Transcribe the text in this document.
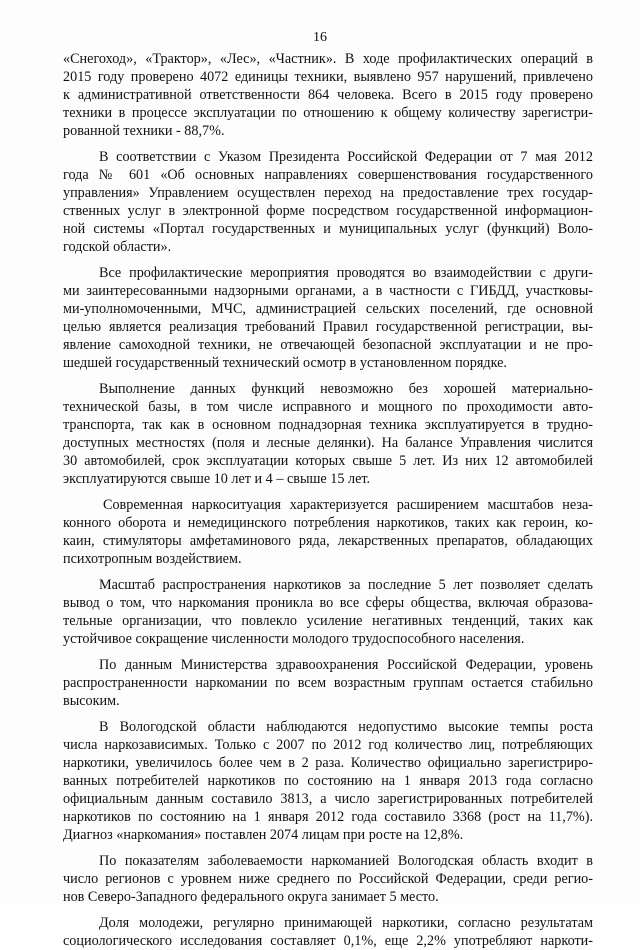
16
«Снегоход», «Трактор», «Лес», «Частник». В ходе профилактических операций в
2015 году проверено 4072 единицы техники, выявлено 957 нарушений, привлечено
к административной ответственности 864 человека. Всего в 2015 году проверено
техники в процессе эксплуатации по отношению к общему количеству зарегистри-
рованной техники - 88,7%.
В соответствии с Указом Президента Российской Федерации от 7 мая 2012
года № 601 «Об основных направлениях совершенствования государственного
управления» Управлением осуществлен переход на предоставление трех государ-
ственных услуг в электронной форме посредством государственной информацион-
ной системы «Портал государственных и муниципальных услуг (функций) Воло-
годской области».
Все профилактические мероприятия проводятся во взаимодействии с други-
ми заинтересованными надзорными органами, а в частности с ГИБДД, участковы-
ми-уполномоченными, МЧС, администрацией сельских поселений, где основной
целью является реализация требований Правил государственной регистрации, вы-
явление самоходной техники, не отвечающей безопасной эксплуатации и не про-
шедшей государственный технический осмотр в установленном порядке.
Выполнение данных функций невозможно без хорошей материально-
технической базы, в том числе исправного и мощного по проходимости авто-
транспорта, так как в основном поднадзорная техника эксплуатируется в трудно-
доступных местностях (поля и лесные делянки). На балансе Управления числится
30 автомобилей, срок эксплуатации которых свыше 5 лет. Из них 12 автомобилей
эксплуатируются свыше 10 лет и 4 – свыше 15 лет.
Современная наркоситуация характеризуется расширением масштабов неза-
конного оборота и немедицинского потребления наркотиков, таких как героин, ко-
каин, стимуляторы амфетаминового ряда, лекарственных препаратов, обладающих
психотропным воздействием.
Масштаб распространения наркотиков за последние 5 лет позволяет сделать
вывод о том, что наркомания проникла во все сферы общества, включая образова-
тельные организации, что повлекло усиление негативных тенденций, таких как
устойчивое сокращение численности молодого трудоспособного населения.
По данным Министерства здравоохранения Российской Федерации, уровень
распространенности наркомании по всем возрастным группам остается стабильно
высоким.
В Вологодской области наблюдаются недопустимо высокие темпы роста
числа наркозависимых. Только с 2007 по 2012 год количество лиц, потребляющих
наркотики, увеличилось более чем в 2 раза. Количество официально зарегистриро-
ванных потребителей наркотиков по состоянию на 1 января 2013 года согласно
официальным данным составило 3813, а число зарегистрированных потребителей
наркотиков по состоянию на 1 января 2012 года составило 3368 (рост на 11,7%).
Диагноз «наркомания» поставлен 2074 лицам при росте на 12,8%.
По показателям заболеваемости наркоманией Вологодская область входит в
число регионов с уровнем ниже среднего по Российской Федерации, среди регио-
нов Северо-Западного федерального округа занимает 5 место.
Доля молодежи, регулярно принимающей наркотики, согласно результатам
социологического исследования составляет 0,1%, еще 2,2% употребляют наркоти-
